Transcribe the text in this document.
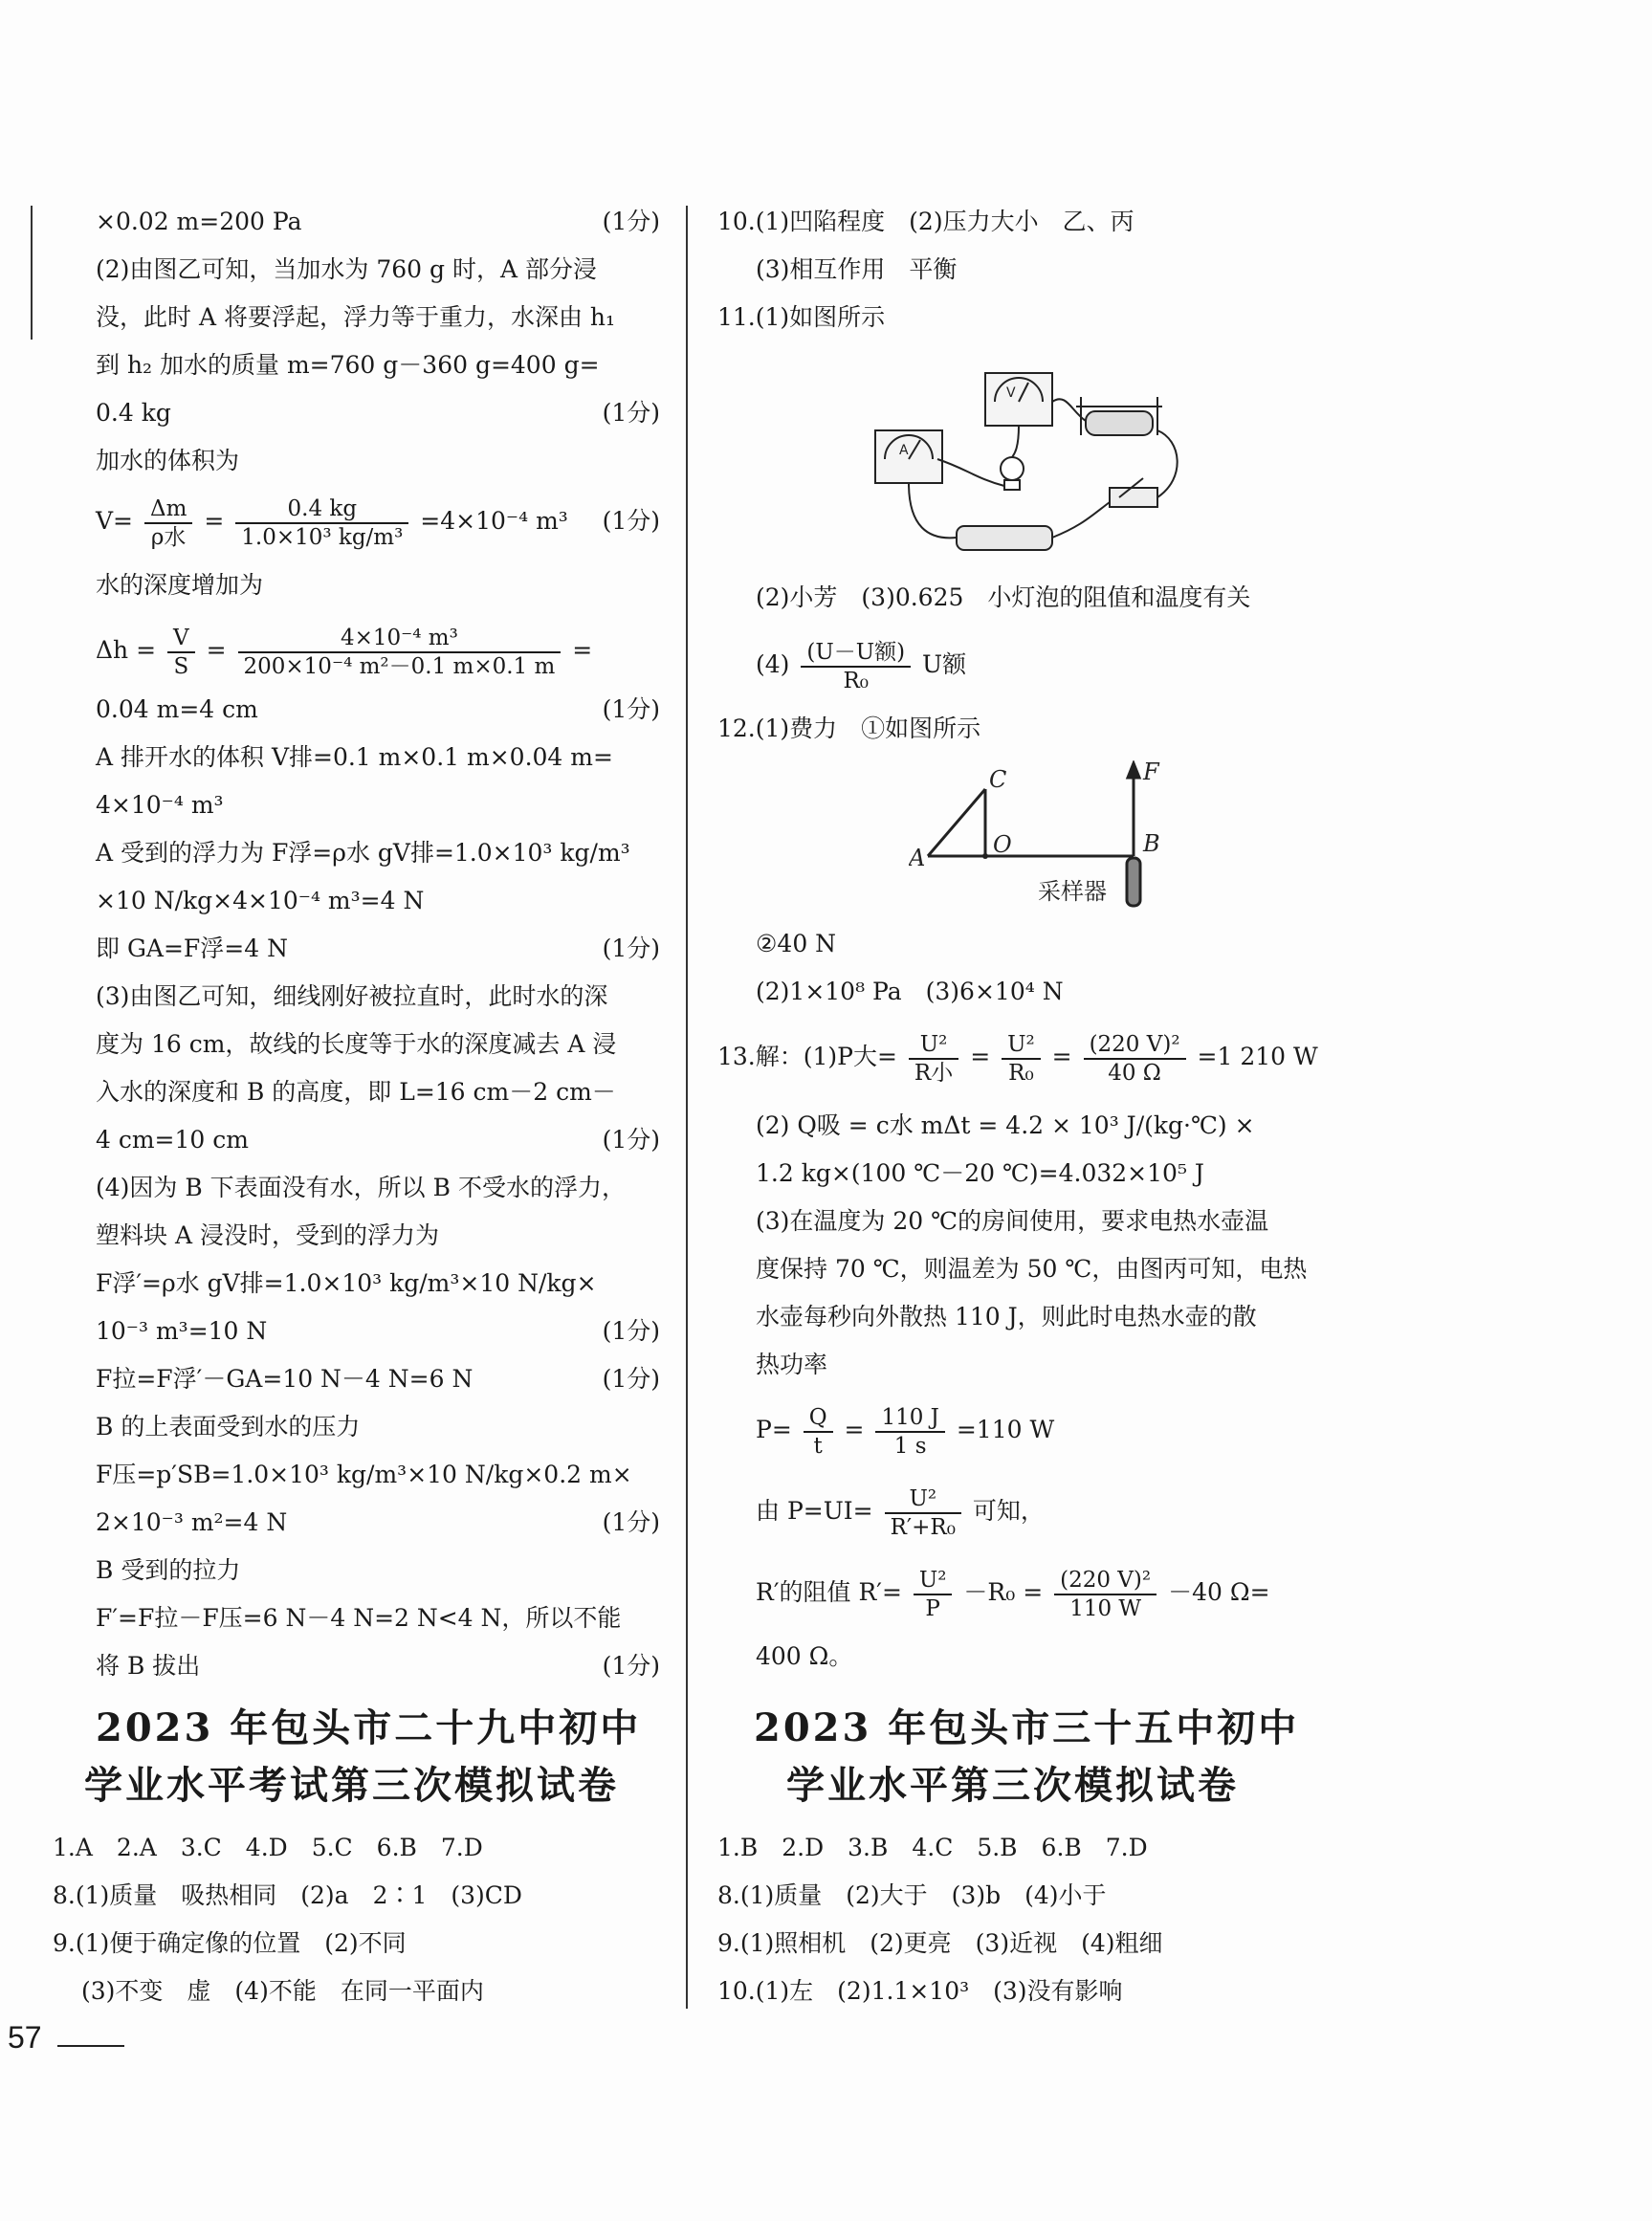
×0.02 m=200 Pa	(1分)
(2)由图乙可知，当加水为 760 g 时，A 部分浸
没，此时 A 将要浮起，浮力等于重力，水深由 h₁
到 h₂ 加水的质量 m=760 g－360 g=400 g=
0.4 kg	(1分)
加水的体积为
$V= \frac{\Delta m}{\text{ρ水}} = \frac{0.4 kg}{\text{1.0×10³ kg/m³}} =4\times 10^{-4}$ m³ (1分)
水的深度增加为
$\Delta h = \frac{V}{S} = \frac{\text{4×10⁻⁴ m³}}{\text{200×10⁻⁴ m²－0.1 m×0.1 m}}$ =
0.04 m=4 cm	(1分)
A 排开水的体积 V排=0.1 m×0.1 m×0.04 m=
4×10⁻⁴ m³
A 受到的浮力为 F浮=ρ水 gV排=1.0×10³ kg/m³
×10 N/kg×4×10⁻⁴ m³=4 N
即 GA=F浮=4 N	(1分)
(3)由图乙可知，细线刚好被拉直时，此时水的深
度为 16 cm，故线的长度等于水的深度减去 A 浸
入水的深度和 B 的高度，即 L=16 cm－2 cm－
4 cm=10 cm	(1分)
(4)因为 B 下表面没有水，所以 B 不受水的浮力，
塑料块 A 浸没时，受到的浮力为
F浮′=ρ水 gV排=1.0×10³ kg/m³×10 N/kg×
10⁻³ m³=10 N	(1分)
F拉=F浮′－GA=10 N－4 N=6 N	(1分)
B 的上表面受到水的压力
F压=p′SB=1.0×10³ kg/m³×10 N/kg×0.2 m×
2×10⁻³ m²=4 N	(1分)
B 受到的拉力
F′=F拉－F压=6 N－4 N=2 N<4 N，所以不能
将 B 拔出	(1分)
2023 年包头市二十九中初中
学业水平考试第三次模拟试卷
1.A　2.A　3.C　4.D　5.C　6.B　7.D
8.(1)质量　吸热相同　(2)a　2∶1　(3)CD
9.(1)便于确定像的位置　(2)不同
(3)不变　虚　(4)不能　在同一平面内
57
10.(1)凹陷程度　(2)压力大小　乙、丙
(3)相互作用　平衡
11.(1)如图所示
V
A
(2)小芳　(3)0.625　小灯泡的阻值和温度有关
$(4) \frac{\text{(U－U额)}}{\text{R₀}}$ U额
12.(1)费力　①如图所示
C
O
A
B
F
采样器
②40 N
(2)1×10⁸ Pa　(3)6×10⁴ N
13.解：(1)P大= $\frac{\text{U²}}{\text{R小}} = \frac{\text{U²}}{\text{R₀}} = \frac{\text{(220 V)²}}{40 \Omega} =1$ 210 W
(2) Q吸 = c水 mΔt = 4.2 × 10³ J/(kg·℃) ×
1.2 kg×(100 ℃－20 ℃)=4.032×10⁵ J
(3)在温度为 20 ℃的房间使用，要求电热水壶温
度保持 70 ℃，则温差为 50 ℃，由图丙可知，电热
水壶每秒向外散热 110 J，则此时电热水壶的散
热功率
$P= \frac{Q}{t} = \frac{110 J}{1 s} =110$ W
由 $P=UI= \frac{\text{U²}}{\text{R′+R₀}}$ 可知，
R′的阻值 $R'= \frac{\text{U²}}{P} -R_0 = \frac{\text{(220 V)²}}{110 W} -40$ Ω=
400 Ω。
2023 年包头市三十五中初中
学业水平第三次模拟试卷
1.B　2.D　3.B　4.C　5.B　6.B　7.D
8.(1)质量　(2)大于　(3)b　(4)小于
9.(1)照相机　(2)更亮　(3)近视　(4)粗细
10.(1)左　(2)1.1×10³　(3)没有影响
